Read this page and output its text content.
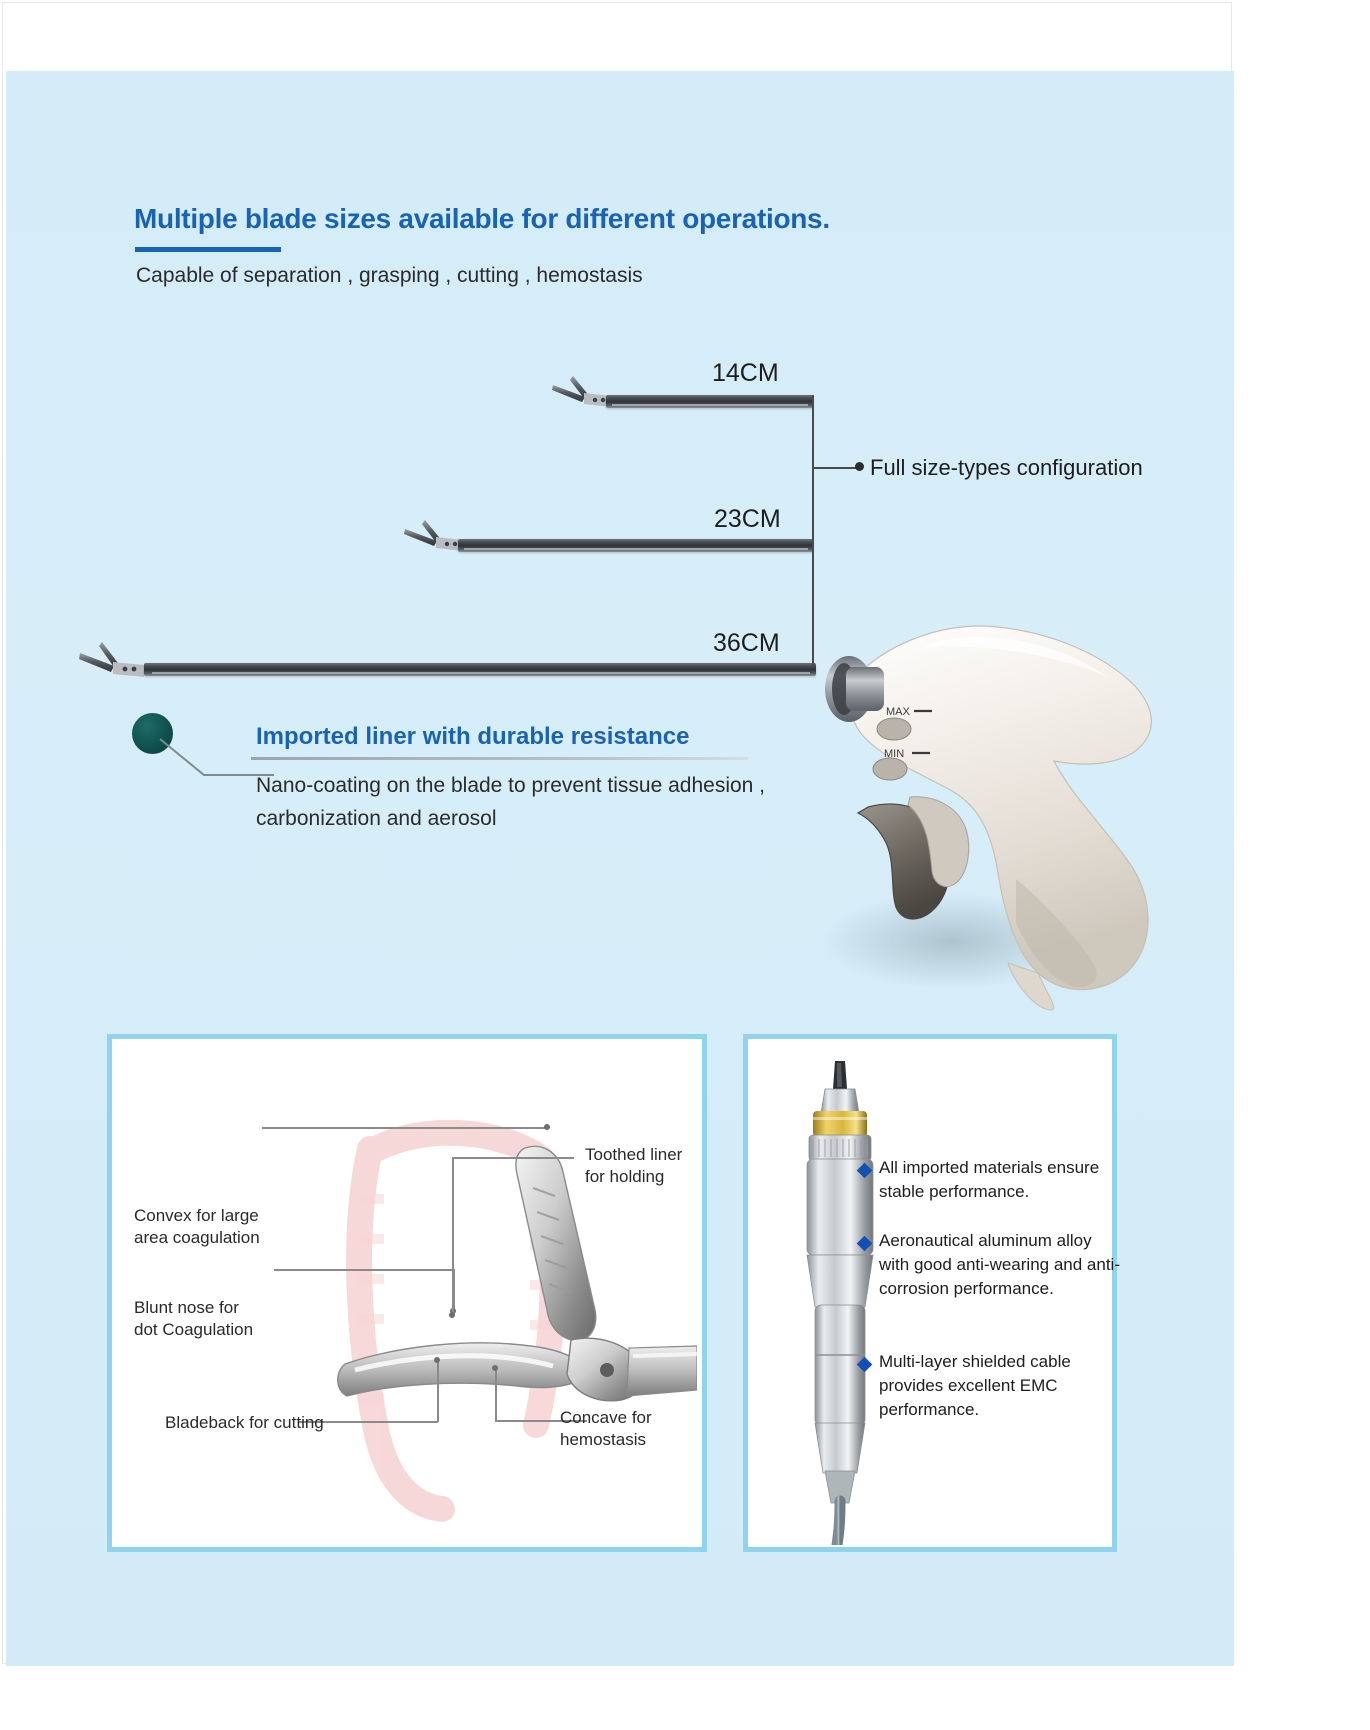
Multiple blade sizes available for different operations.
Capable of separation , grasping , cutting , hemostasis
14CM
23CM
36CM
Full size-types configuration
Imported liner with durable resistance
Nano-coating on the blade to prevent tissue adhesion ,
carbonization and aerosol
MAX
MIN
Convex for large
area coagulation
Blunt nose for
dot Coagulation
Bladeback for cutting
Toothed liner
for holding
Concave for
hemostasis
All imported materials ensure stable performance.
Aeronautical aluminum alloy with good anti-wearing and anti-corrosion performance.
Multi-layer shielded cable provides excellent EMC performance.
